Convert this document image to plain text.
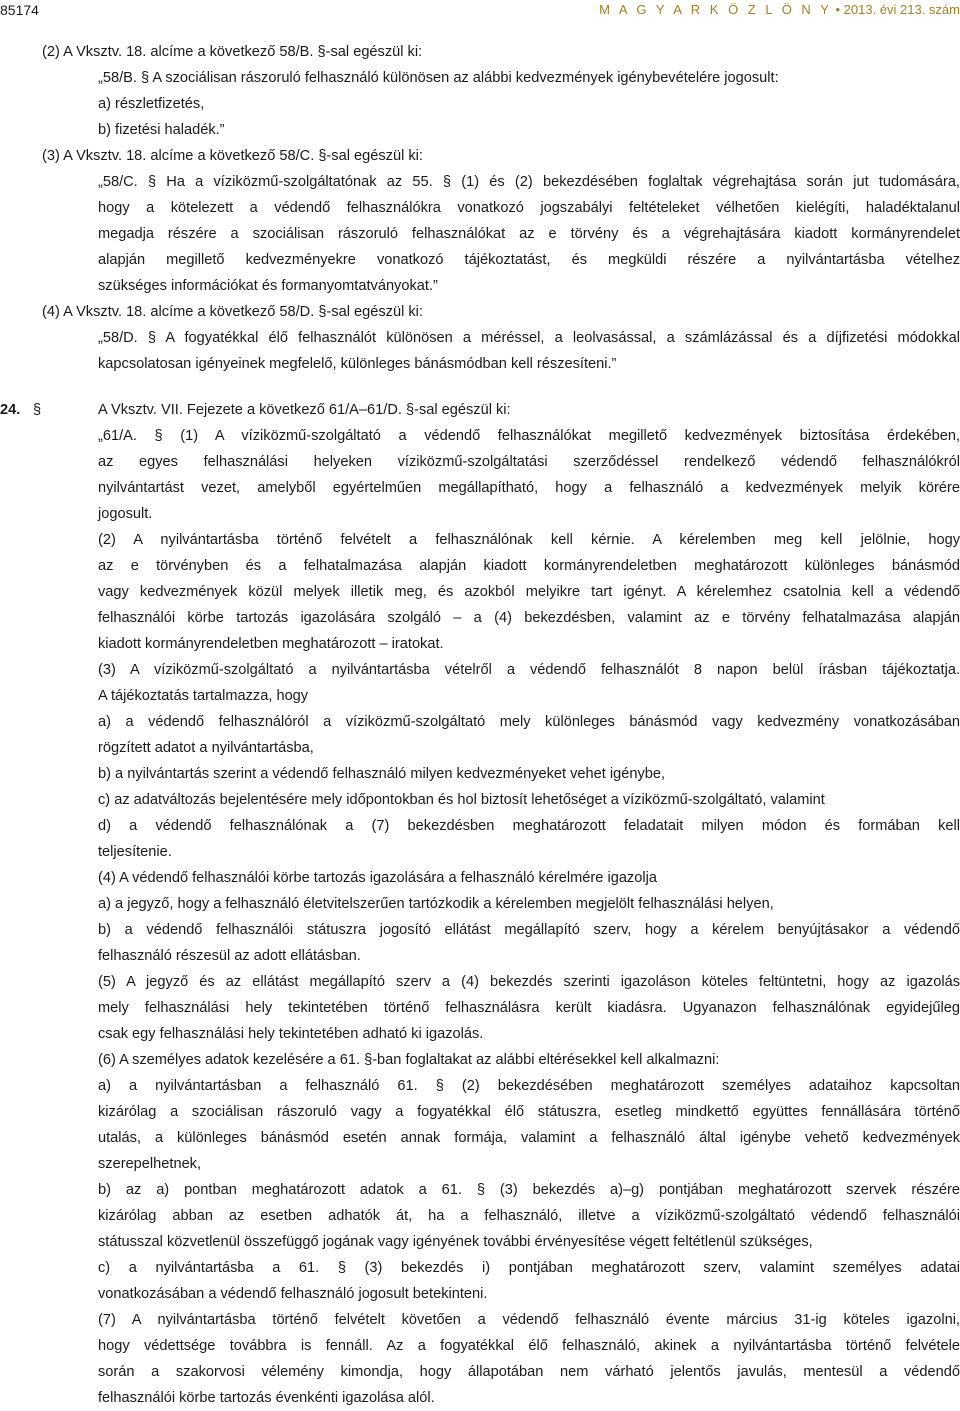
85174	M A G Y A R K Ö Z L Ö N Y • 2013. évi 213. szám
(2) A Vksztv. 18. alcíme a következő 58/B. §-sal egészül ki:
„58/B. § A szociálisan rászoruló felhasználó különösen az alábbi kedvezmények igénybevételére jogosult:
a) részletfizetés,
b) fizetési haladék.”
(3) A Vksztv. 18. alcíme a következő 58/C. §-sal egészül ki:
„58/C. § Ha a víziközmű-szolgáltatónak az 55. § (1) és (2) bekezdésében foglaltak végrehajtása során jut tudomására,
hogy a kötelezett a védendő felhasználókra vonatkozó jogszabályi feltételeket vélhetően kielégíti, haladéktalanul
megadja részére a szociálisan rászoruló felhasználókat az e törvény és a végrehajtására kiadott kormányrendelet
alapján megillető kedvezményekre vonatkozó tájékoztatást, és megküldi részére a nyilvántartásba vételhez
szükséges információkat és formanyomtatványokat.”
(4) A Vksztv. 18. alcíme a következő 58/D. §-sal egészül ki:
„58/D. § A fogyatékkal élő felhasználót különösen a méréssel, a leolvasással, a számlázással és a díjfizetési módokkal
kapcsolatosan igényeinek megfelelő, különleges bánásmódban kell részesíteni.”
24. §	A Vksztv. VII. Fejezete a következő 61/A–61/D. §-sal egészül ki:
„61/A. § (1) A víziközmű-szolgáltató a védendő felhasználókat megillető kedvezmények biztosítása érdekében,
az egyes felhasználási helyeken víziközmű-szolgáltatási szerződéssel rendelkező védendő felhasználókról
nyilvántartást vezet, amelyből egyértelműen megállapítható, hogy a felhasználó a kedvezmények melyik körére
jogosult.
(2) A nyilvántartásba történő felvételt a felhasználónak kell kérnie. A kérelemben meg kell jelölnie, hogy
az e törvényben és a felhatalmazása alapján kiadott kormányrendeletben meghatározott különleges bánásmód
vagy kedvezmények közül melyek illetik meg, és azokból melyikre tart igényt. A kérelemhez csatolnia kell a védendő
felhasználói körbe tartozás igazolására szolgáló – a (4) bekezdésben, valamint az e törvény felhatalmazása alapján
kiadott kormányrendeletben meghatározott – iratokat.
(3) A víziközmű-szolgáltató a nyilvántartásba vételről a védendő felhasználót 8 napon belül írásban tájékoztatja.
A tájékoztatás tartalmazza, hogy
a) a védendő felhasználóról a víziközmű-szolgáltató mely különleges bánásmód vagy kedvezmény vonatkozásában
rögzített adatot a nyilvántartásba,
b) a nyilvántartás szerint a védendő felhasználó milyen kedvezményeket vehet igénybe,
c) az adatváltozás bejelentésére mely időpontokban és hol biztosít lehetőséget a víziközmű-szolgáltató, valamint
d) a védendő felhasználónak a (7) bekezdésben meghatározott feladatait milyen módon és formában kell
teljesítenie.
(4) A védendő felhasználói körbe tartozás igazolására a felhasználó kérelmére igazolja
a) a jegyző, hogy a felhasználó életvitelszerűen tartózkodik a kérelemben megjelölt felhasználási helyen,
b) a védendő felhasználói státuszra jogosító ellátást megállapító szerv, hogy a kérelem benyújtásakor a védendő
felhasználó részesül az adott ellátásban.
(5) A jegyző és az ellátást megállapító szerv a (4) bekezdés szerinti igazoláson köteles feltüntetni, hogy az igazolás
mely felhasználási hely tekintetében történő felhasználásra került kiadásra. Ugyanazon felhasználónak egyidejűleg
csak egy felhasználási hely tekintetében adható ki igazolás.
(6) A személyes adatok kezelésére a 61. §-ban foglaltakat az alábbi eltérésekkel kell alkalmazni:
a) a nyilvántartásban a felhasználó 61. § (2) bekezdésében meghatározott személyes adataihoz kapcsoltan
kizárólag a szociálisan rászoruló vagy a fogyatékkal élő státuszra, esetleg mindkettő együttes fennállására történő
utalás, a különleges bánásmód esetén annak formája, valamint a felhasználó által igénybe vehető kedvezmények
szerepelhetnek,
b) az a) pontban meghatározott adatok a 61. § (3) bekezdés a)–g) pontjában meghatározott szervek részére
kizárólag abban az esetben adhatók át, ha a felhasználó, illetve a víziközmű-szolgáltató védendő felhasználói
státusszal közvetlenül összefüggő jogának vagy igényének további érvényesítése végett feltétlenül szükséges,
c) a nyilvántartásba a 61. § (3) bekezdés i) pontjában meghatározott szerv, valamint személyes adatai
vonatkozásában a védendő felhasználó jogosult betekinteni.
(7) A nyilvántartásba történő felvételt követően a védendő felhasználó évente március 31-ig köteles igazolni,
hogy védettsége továbbra is fennáll. Az a fogyatékkal élő felhasználó, akinek a nyilvántartásba történő felvétele
során a szakorvosi vélemény kimondja, hogy állapotában nem várható jelentős javulás, mentesül a védendő
felhasználói körbe tartozás évenkénti igazolása alól.
